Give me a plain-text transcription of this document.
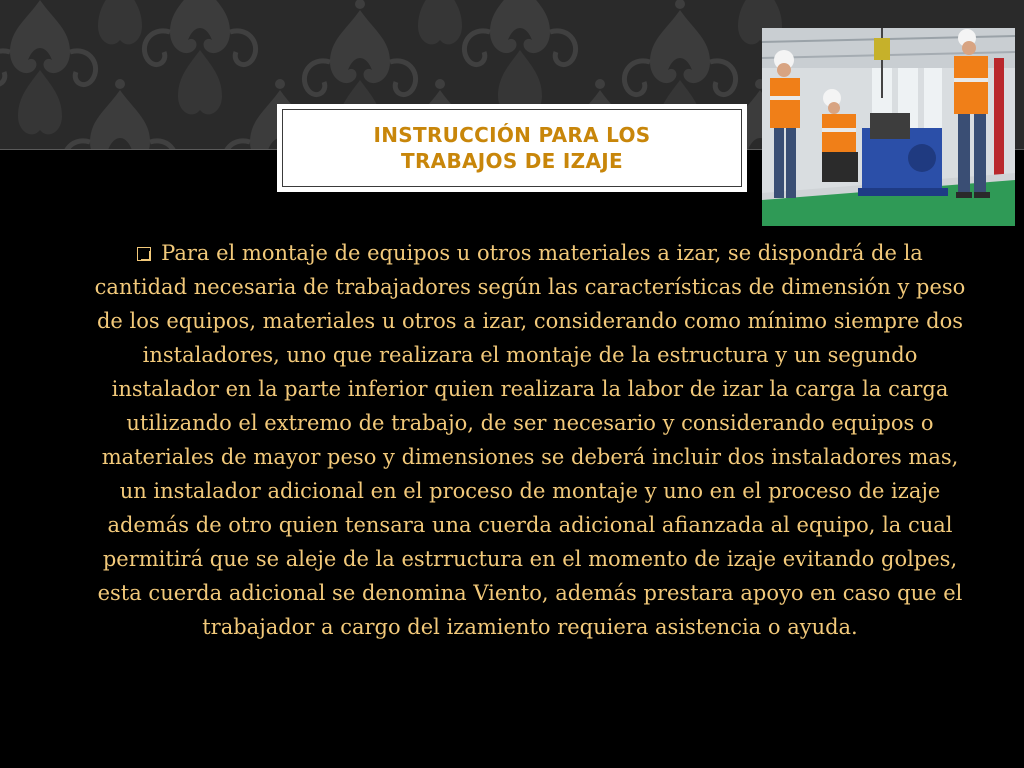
INSTRUCCIÓN PARA LOS TRABAJOS DE IZAJE
Para el montaje de equipos u otros materiales a izar, se dispondrá de la cantidad necesaria de trabajadores según las características de dimensión y peso de los equipos, materiales u otros a izar, considerando como mínimo siempre dos instaladores, uno que realizara el montaje de la estructura y un segundo instalador en la parte inferior quien realizara la labor de izar la carga la carga utilizando el extremo de trabajo, de ser necesario y considerando equipos o materiales de mayor peso y dimensiones se deberá incluir dos instaladores mas, un instalador adicional en el proceso de montaje y uno en el proceso de izaje además de otro quien tensara una cuerda adicional afianzada al equipo, la cual permitirá que se aleje de la estrructura en el momento de izaje evitando golpes, esta cuerda adicional se denomina Viento, además prestara apoyo en caso que el trabajador a cargo del izamiento requiera asistencia o ayuda.
